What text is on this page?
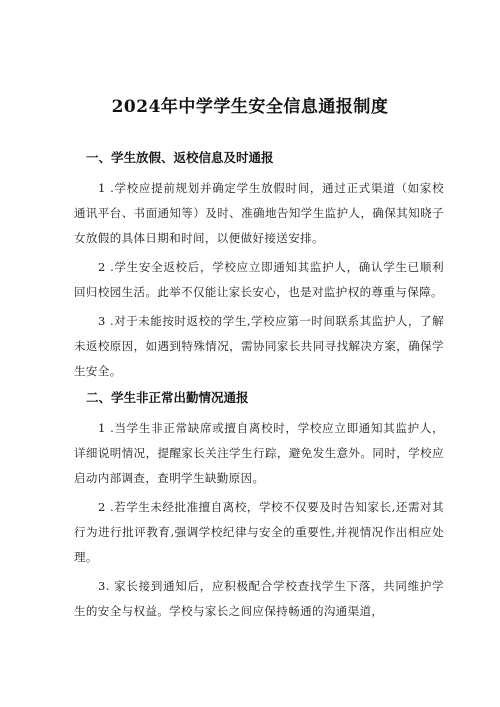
2024年中学学生安全信息通报制度
一、学生放假、返校信息及时通报

1 .学校应提前规划并确定学生放假时间，通过正式渠道（如家校通讯平台、书面通知等）及时、准确地告知学生监护人，确保其知晓子女放假的具体日期和时间，以便做好接送安排。

2 .学生安全返校后，学校应立即通知其监护人，确认学生已顺利回归校园生活。此举不仅能让家长安心，也是对监护权的尊重与保障。

3 .对于未能按时返校的学生,学校应第一时间联系其监护人，了解未返校原因，如遇到特殊情况，需协同家长共同寻找解决方案，确保学生安全。

二、学生非正常出勤情况通报

1 .当学生非正常缺席或擅自离校时，学校应立即通知其监护人，详细说明情况，提醒家长关注学生行踪，避免发生意外。同时，学校应启动内部调查，查明学生缺勤原因。

2 .若学生未经批准擅自离校，学校不仅要及时告知家长,还需对其行为进行批评教育,强调学校纪律与安全的重要性,并视情况作出相应处理。

3. 家长接到通知后，应积极配合学校查找学生下落，共同维护学生的安全与权益。学校与家长之间应保持畅通的沟通渠道，
